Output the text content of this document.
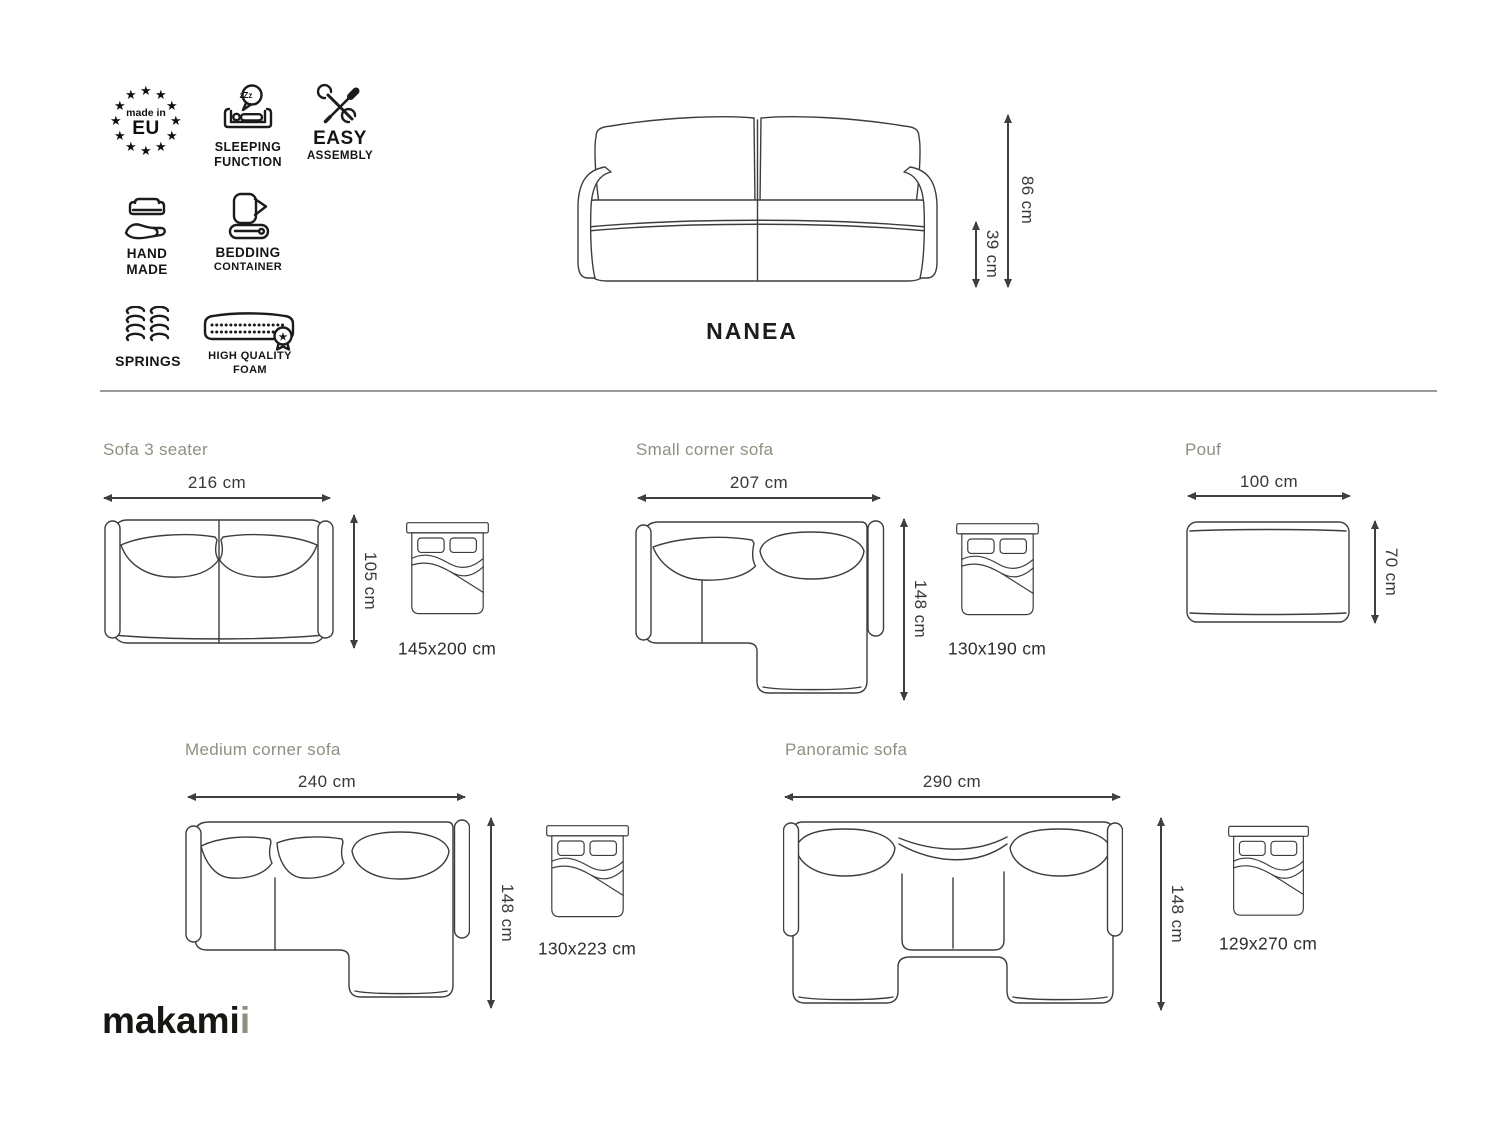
★ ★
★
★
★
★
★
★
★
★
★
★
made in
EU
zZz
SLEEPING
FUNCTION
EASY
ASSEMBLY
HAND
MADE
BEDDING
CONTAINER
SPRINGS
★
HIGH QUALITY
FOAM
86 cm
39 cm
NANEA
Sofa 3 seater
216 cm
105 cm
145x200 cm
Small corner sofa
207 cm
148 cm
130x190 cm
Pouf
100 cm
70 cm
Medium corner sofa
240 cm
148 cm
130x223 cm
Panoramic sofa
290 cm
148 cm
129x270 cm
makamii
